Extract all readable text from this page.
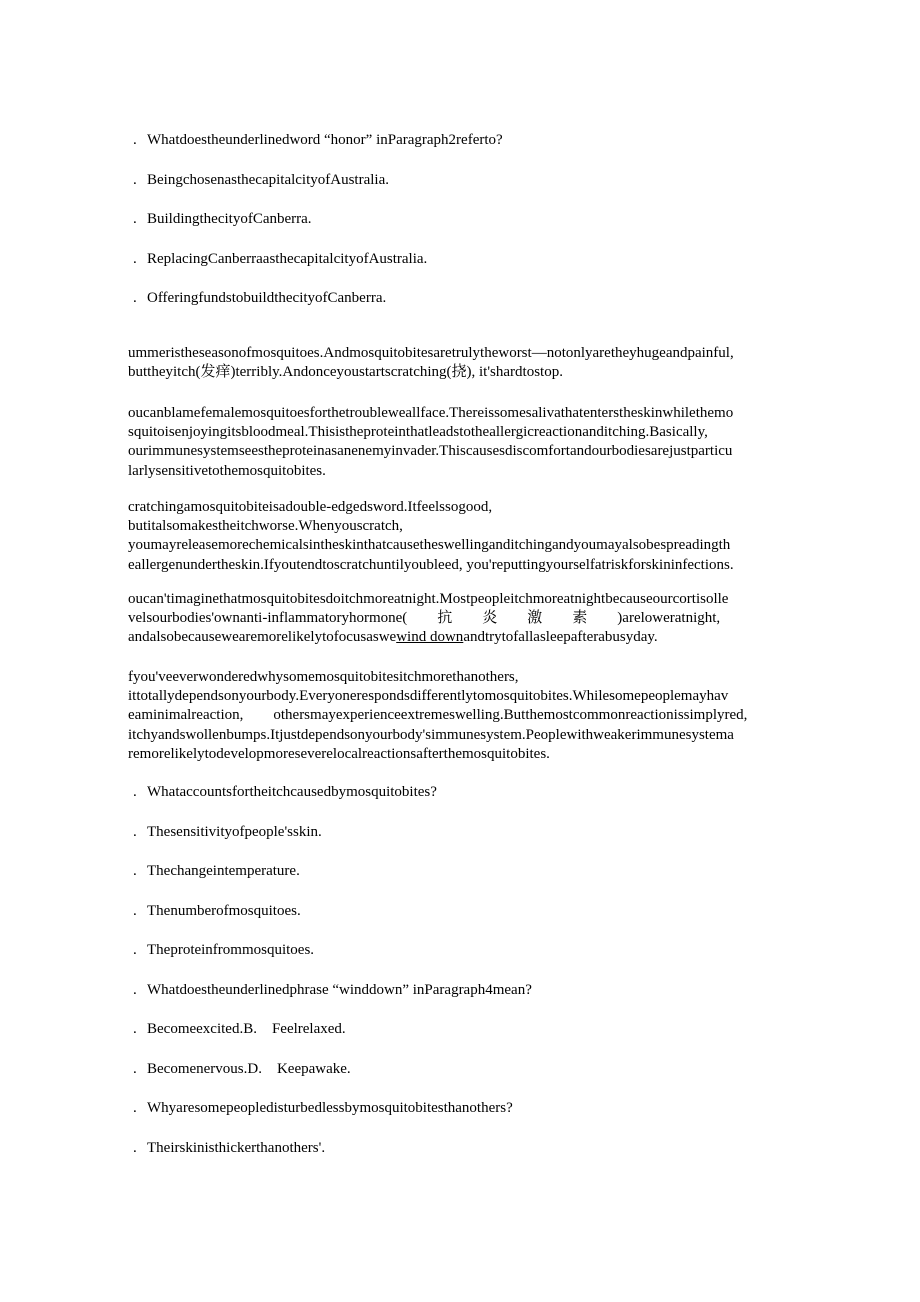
. Whatdoestheunderlinedword “honor” inParagraph2referto?
. BeingchosenasthecapitalcityofAustralia.
. BuildingthecityofCanberra.
. ReplacingCanberraasthecapitalcityofAustralia.
. OfferingfundstobuildthecityofCanberra.
ummeristheseasonofmosquitoes.Andmosquitobitesaretrulytheworst—notonlyaretheyhugeandpainful,
buttheyitch(发痒)terribly.Andonceyoustartscratching(挠), it'shardtostop.
oucanblamefemalemosquitoesforthetroubleweallface.Thereissomesalivathatenterstheskinwhilethemo
squitoisenjoyingitsbloodmeal.Thisistheproteinthatleadstotheallergicreactionanditching.Basically,
ourimmunesystemseestheproteinasanenemyinvader.Thiscausesdiscomfortandourbodiesarejustparticu
larlysensitivetothemosquitobites.
cratchingamosquitobiteisadouble-edgedsword.Itfeelssogood,
butitalsomakestheitchworse.Whenyouscratch,
youmayreleasemorechemicalsintheskinthatcausetheswellinganditchingandyoumayalsobespreadingth
eallergenundertheskin.Ifyoutendtoscratchuntilyoubleed, you'reputtingyourselfatriskforskininfections.
oucan'timaginethatmosquitobitesdoitchmoreatnight.Mostpeopleitchmoreatnightbecauseourcortisolle
velsourbodies'ownanti-inflammatoryhormone(        抗        炎        激        素        )areloweratnight,
andalsobecausewearemorelikelytofocusaswewind downandtrytofallasleepafterabusyday.
fyou'veeverwonderedwhysomemosquitobitesitchmorethanothers,
ittotallydependsonyourbody.Everyonerespondsdifferentlytomosquitobites.Whilesomepeoplemayhav
eaminimalreaction,        othersmayexperienceextremeswelling.Butthemostcommonreactionissimplyred,
itchyandswollenbumps.Itjustdependsonyourbody'simmunesystem.Peoplewithweakerimmunesystema
remorelikelytodevelopmoreseverelocalreactionsafterthemosquitobites.
. Whataccountsfortheitchcausedbymosquitobites?
. Thesensitivityofpeople'sskin.
. Thechangeintemperature.
. Thenumberofmosquitoes.
. Theproteinfrommosquitoes.
. Whatdoestheunderlinedphrase “winddown” inParagraph4mean?
. Becomeexcited.B.    Feelrelaxed.
. Becomenervous.D.    Keepawake.
. Whyaresomepeopledisturbedlessbymosquitobitesthanothers?
. Theirskinisthickerthanothers'.
